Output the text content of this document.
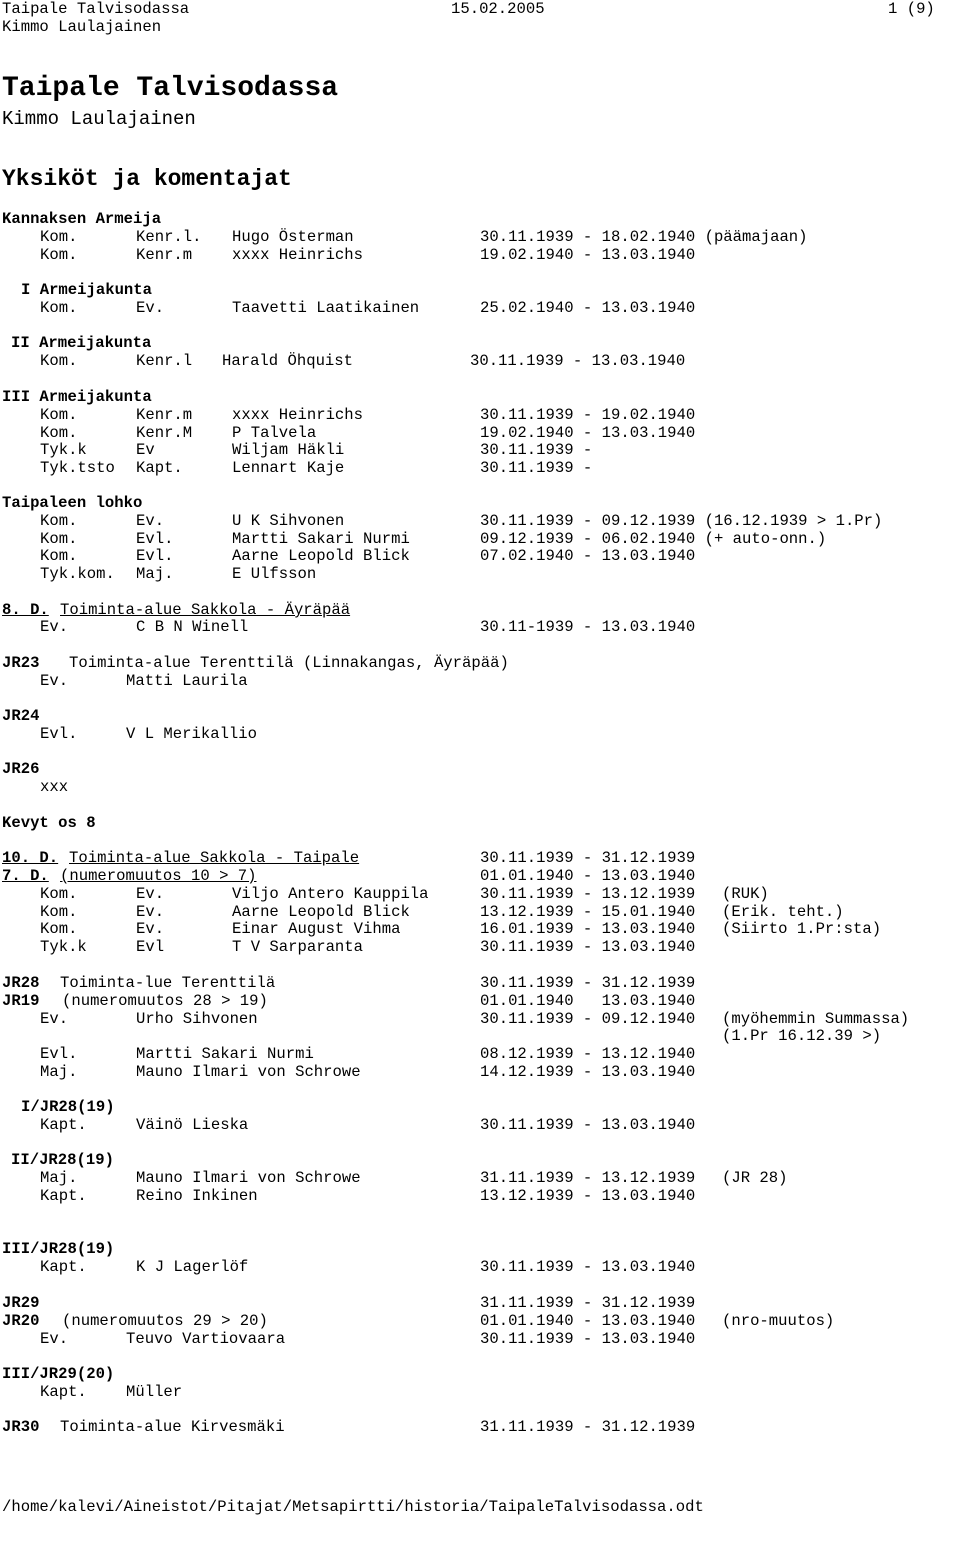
Taipale Talvisodassa

	15.02.2005

	1 (9)

Kimmo Laulajainen

Taipale Talvisodassa
Kimmo Laulajainen
Yksiköt ja komentajat
Kannaksen Armeija
Kom.	Kenr.l. Hugo Österman	30.11.1939 - 18.02.1940 (päämajaan)
Kom.	Kenr.m	xxxx Heinrichs	19.02.1940 - 13.03.1940
I Armeijakunta
Kom.	Ev.	Taavetti Laatikainen	25.02.1940 - 13.03.1940
II Armeijakunta
Kom.	Kenr.l Harald Öhquist	30.11.1939 - 13.03.1940
III Armeijakunta
Kom.	Kenr.m	xxxx Heinrichs	30.11.1939 - 19.02.1940
Kom.	Kenr.M	P Talvela	19.02.1940 - 13.03.1940
Tyk.k	Ev	Wiljam Häkli	30.11.1939 -
Tyk.tsto Kapt.	Lennart Kaje	30.11.1939 -
Taipaleen lohko
Kom.	Ev.	U K Sihvonen	30.11.1939 - 09.12.1939 (16.12.1939 > 1.Pr)
Kom.	Evl.	Martti Sakari Nurmi	09.12.1939 - 06.02.1940 (+ auto-onn.)
Kom.	Evl.	Aarne Leopold Blick	07.02.1940 - 13.03.1940
Tyk.kom. Maj.	E Ulfsson
8. D. Toiminta-alue Sakkola - Äyräpää
Ev.	C B N Winell	30.11-1939 - 13.03.1940
JR23 Toiminta-alue Terenttilä (Linnakangas, Äyräpää)
Ev.	Matti Laurila
JR24
Evl.	V L Merikallio
JR26
xxx
Kevyt os 8
10. D. Toiminta-alue Sakkola - Taipale	30.11.1939 - 31.12.1939
7. D. (numeromuutos 10 > 7)	01.01.1940 - 13.03.1940
Kom.	Ev.	Viljo Antero Kauppila	30.11.1939 - 13.12.1939 (RUK)
Kom.	Ev.	Aarne Leopold Blick	13.12.1939 - 15.01.1940 (Erik. teht.)
Kom.	Ev.	Einar August Vihma	16.01.1939 - 13.03.1940 (Siirto 1.Pr:sta)
Tyk.k	Evl	T V Sarparanta	30.11.1939 - 13.03.1940
JR28 Toiminta-lue Terenttilä	30.11.1939 - 31.12.1939
JR19 (numeromuutos 28 > 19)	01.01.1940   13.03.1940
Ev.	Urho Sihvonen	30.11.1939 - 09.12.1940 (myöhemmin Summassa)
(1.Pr 16.12.39 >)
Evl.	Martti Sakari Nurmi	08.12.1939 - 13.12.1940
Maj.	Mauno Ilmari von Schrowe	14.12.1939 - 13.03.1940
I/JR28(19)
Kapt.	Väinö Lieska	30.11.1939 - 13.03.1940
II/JR28(19)
Maj.	Mauno Ilmari von Schrowe	31.11.1939 - 13.12.1939 (JR 28)
Kapt.	Reino Inkinen	13.12.1939 - 13.03.1940
III/JR28(19)
Kapt.	K J Lagerlöf	30.11.1939 - 13.03.1940
JR29	31.11.1939 - 31.12.1939
JR20 (numeromuutos 29 > 20)	01.01.1940 - 13.03.1940 (nro-muutos)
Ev.	Teuvo Vartiovaara	30.11.1939 - 13.03.1940
III/JR29(20)
Kapt.	Müller
JR30 Toiminta-alue Kirvesmäki	31.11.1939 - 31.12.1939

/home/kalevi/Aineistot/Pitajat/Metsapirtti/historia/TaipaleTalvisodassa.odt
